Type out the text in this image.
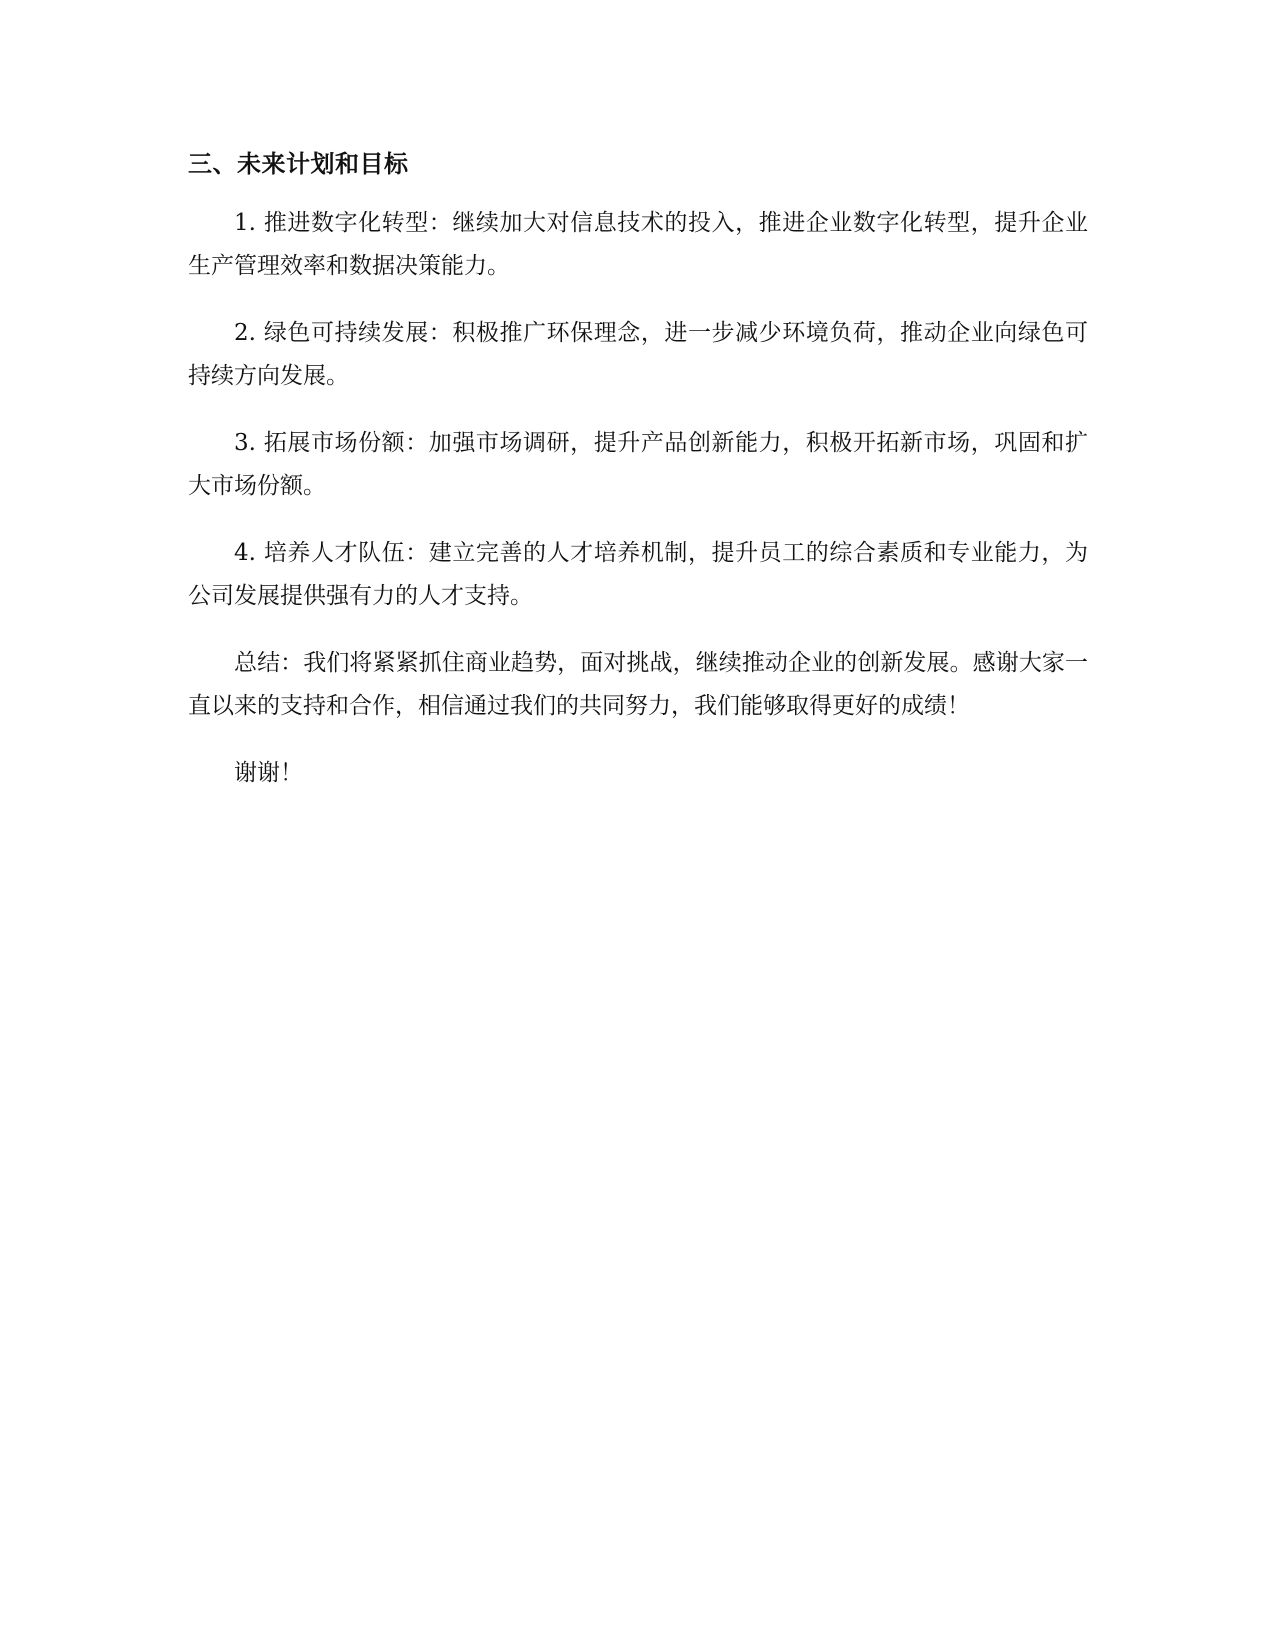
三、未来计划和目标

1. 推进数字化转型：继续加大对信息技术的投入，推进企业数字化转型，提升企业生产管理效率和数据决策能力。

2. 绿色可持续发展：积极推广环保理念，进一步减少环境负荷，推动企业向绿色可持续方向发展。

3. 拓展市场份额：加强市场调研，提升产品创新能力，积极开拓新市场，巩固和扩大市场份额。

4. 培养人才队伍：建立完善的人才培养机制，提升员工的综合素质和专业能力，为公司发展提供强有力的人才支持。

总结：我们将紧紧抓住商业趋势，面对挑战，继续推动企业的创新发展。感谢大家一直以来的支持和合作，相信通过我们的共同努力，我们能够取得更好的成绩！

谢谢！
